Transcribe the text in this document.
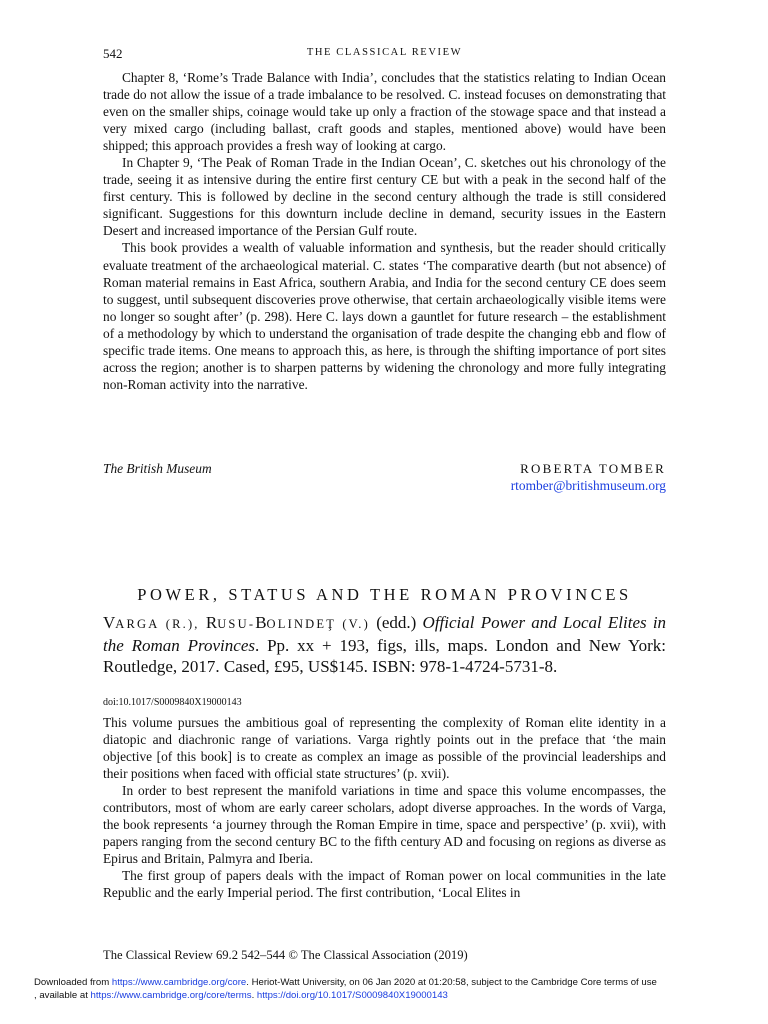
542	THE CLASSICAL REVIEW

Chapter 8, ‘Rome’s Trade Balance with India’, concludes that the statistics relating to Indian Ocean trade do not allow the issue of a trade imbalance to be resolved. C. instead focuses on demonstrating that even on the smaller ships, coinage would take up only a fraction of the stowage space and that instead a very mixed cargo (including ballast, craft goods and staples, mentioned above) would have been shipped; this approach provides a fresh way of looking at cargo.

In Chapter 9, ‘The Peak of Roman Trade in the Indian Ocean’, C. sketches out his chronology of the trade, seeing it as intensive during the entire first century CE but with a peak in the second half of the first century. This is followed by decline in the second century although the trade is still considered significant. Suggestions for this downturn include decline in demand, security issues in the Eastern Desert and increased importance of the Persian Gulf route.

This book provides a wealth of valuable information and synthesis, but the reader should critically evaluate treatment of the archaeological material. C. states ‘The comparative dearth (but not absence) of Roman material remains in East Africa, southern Arabia, and India for the second century CE does seem to suggest, until subsequent discoveries prove otherwise, that certain archaeologically visible items were no longer so sought after’ (p. 298). Here C. lays down a gauntlet for future research – the establishment of a methodology by which to understand the organisation of trade despite the changing ebb and flow of specific trade items. One means to approach this, as here, is through the shifting importance of port sites across the region; another is to sharpen patterns by widening the chronology and more fully integrating non-Roman activity into the narrative.

The British Museum	ROBERTA TOMBER
rtomber@britishmuseum.org
POWER, STATUS AND THE ROMAN PROVINCES
VARGA (R.), RUSU-BOLINDEŢ (V.) (edd.) Official Power and Local Elites in the Roman Provinces. Pp. xx + 193, figs, ills, maps. London and New York: Routledge, 2017. Cased, £95, US$145. ISBN: 978-1-4724-5731-8.
doi:10.1017/S0009840X19000143

This volume pursues the ambitious goal of representing the complexity of Roman elite identity in a diatopic and diachronic range of variations. Varga rightly points out in the preface that ‘the main objective [of this book] is to create as complex an image as possible of the provincial leaderships and their positions when faced with official state structures’ (p. xvii).

In order to best represent the manifold variations in time and space this volume encompasses, the contributors, most of whom are early career scholars, adopt diverse approaches. In the words of Varga, the book represents ‘a journey through the Roman Empire in time, space and perspective’ (p. xvii), with papers ranging from the second century BC to the fifth century AD and focusing on regions as diverse as Epirus and Britain, Palmyra and Iberia.

The first group of papers deals with the impact of Roman power on local communities in the late Republic and the early Imperial period. The first contribution, ‘Local Elites in

The Classical Review 69.2 542–544 © The Classical Association (2019)
Downloaded from https://www.cambridge.org/core. Heriot-Watt University, on 06 Jan 2020 at 01:20:58, subject to the Cambridge Core terms of use
, available at https://www.cambridge.org/core/terms. https://doi.org/10.1017/S0009840X19000143
